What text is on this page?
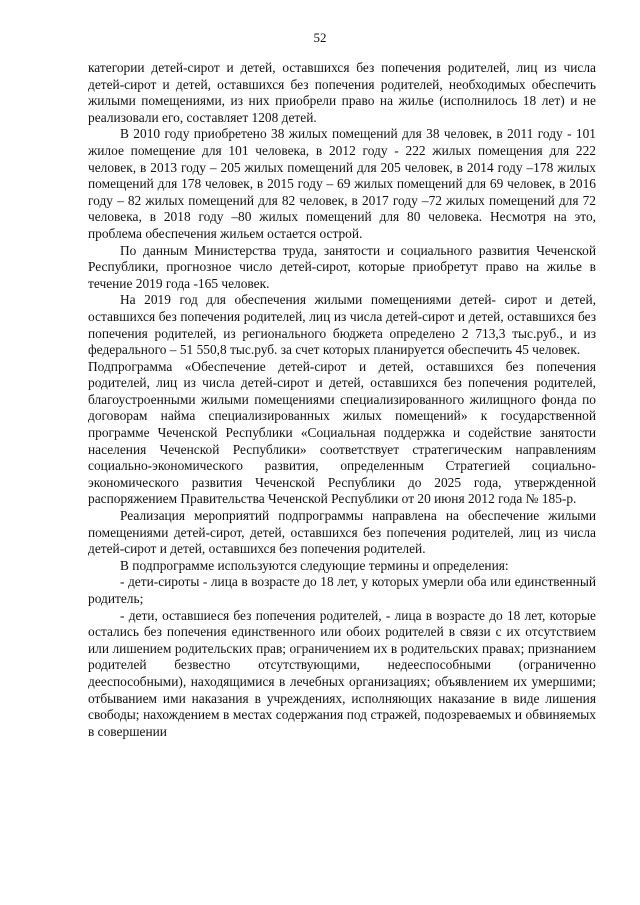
52

категории детей-сирот и детей, оставшихся без попечения родителей, лиц из числа детей-сирот и детей, оставшихся без попечения родителей, необходимых обеспечить жилыми помещениями, из них приобрели право на жилье (исполнилось 18 лет) и не реализовали его, составляет 1208 детей.

В 2010 году приобретено 38 жилых помещений для 38 человек, в 2011 году - 101 жилое помещение для 101 человека, в 2012 году - 222 жилых помещения для 222 человек, в 2013 году – 205 жилых помещений для 205 человек, в 2014 году –178 жилых помещений для 178 человек, в 2015 году – 69 жилых помещений для 69 человек, в 2016 году – 82 жилых помещений для 82 человек, в 2017 году –72 жилых помещений для 72 человека, в 2018 году –80 жилых помещений для 80 человека. Несмотря на это, проблема обеспечения жильем остается острой.

По данным Министерства труда, занятости и социального развития Чеченской Республики, прогнозное число детей-сирот, которые приобретут право на жилье в течение 2019 года -165 человек.

На 2019 год для обеспечения жилыми помещениями детей- сирот и детей, оставшихся без попечения родителей, лиц из числа детей-сирот и детей, оставшихся без попечения родителей, из регионального бюджета определено 2 713,3 тыс.руб., и из федерального – 51 550,8 тыс.руб. за счет которых планируется обеспечить 45 человек.

Подпрограмма «Обеспечение детей-сирот и детей, оставшихся без попечения родителей, лиц из числа детей-сирот и детей, оставшихся без попечения родителей, благоустроенными жилыми помещениями специализированного жилищного фонда по договорам найма специализированных жилых помещений» к государственной программе Чеченской Республики «Социальная поддержка и содействие занятости населения Чеченской Республики» соответствует стратегическим направлениям социально-экономического развития, определенным Стратегией социально-экономического развития Чеченской Республики до 2025 года, утвержденной распоряжением Правительства Чеченской Республики от 20 июня 2012 года № 185-р.

Реализация мероприятий подпрограммы направлена на обеспечение жилыми помещениями детей-сирот, детей, оставшихся без попечения родителей, лиц из числа детей-сирот и детей, оставшихся без попечения родителей.

В подпрограмме используются следующие термины и определения:

- дети-сироты - лица в возрасте до 18 лет, у которых умерли оба или единственный родитель;

- дети, оставшиеся без попечения родителей, - лица в возрасте до 18 лет, которые остались без попечения единственного или обоих родителей в связи с их отсутствием или лишением родительских прав; ограничением их в родительских правах; признанием родителей безвестно отсутствующими, недееспособными (ограниченно дееспособными), находящимися в лечебных организациях; объявлением их умершими; отбыванием ими наказания в учреждениях, исполняющих наказание в виде лишения свободы; нахождением в местах содержания под стражей, подозреваемых и обвиняемых в совершении
